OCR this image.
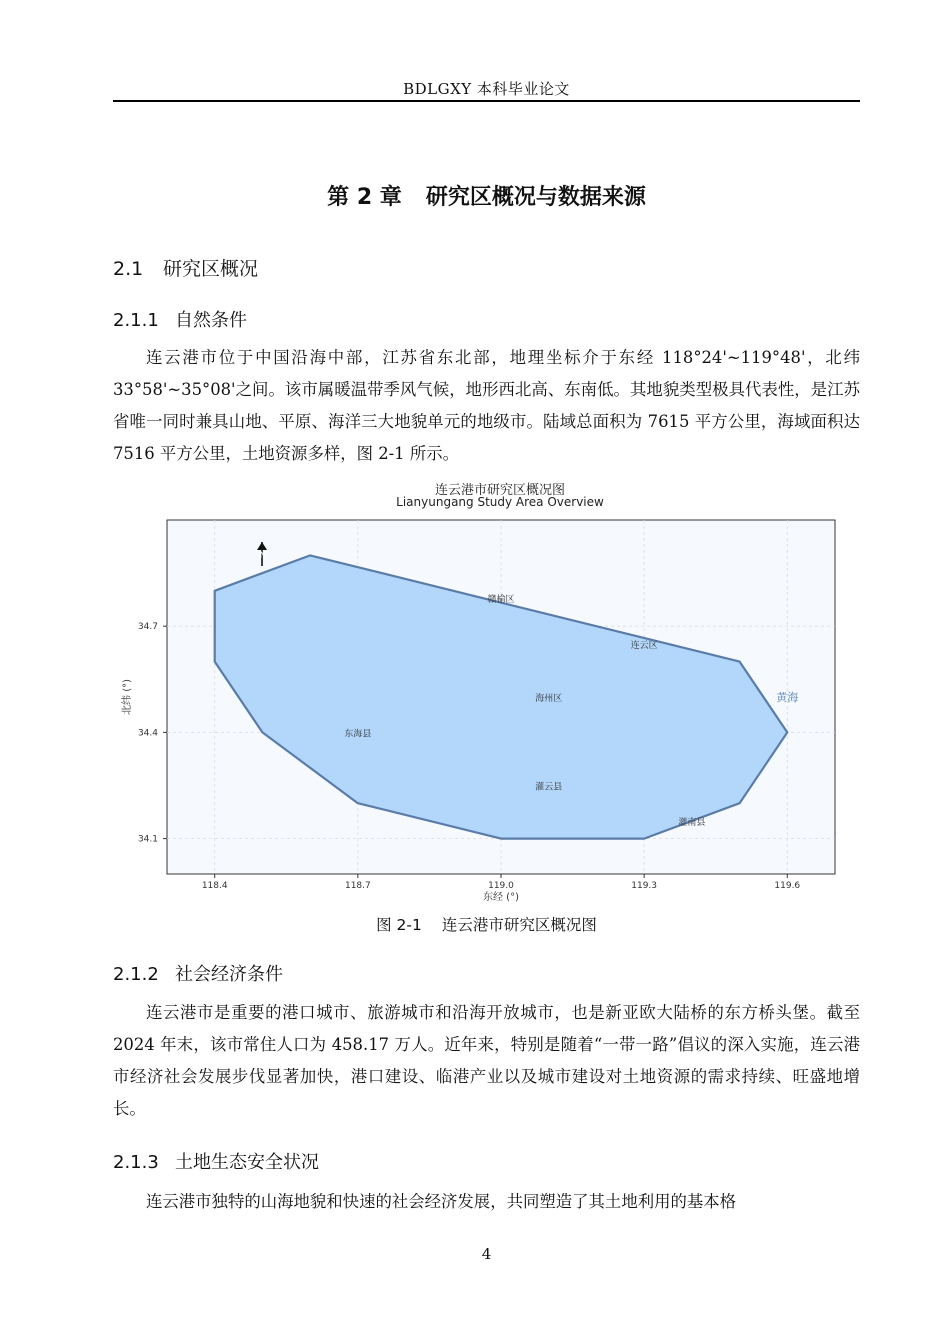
BDLGXY 本科毕业论文
第 2 章 研究区概况与数据来源
2.1 研究区概况
2.1.1 自然条件

连云港市位于中国沿海中部，江苏省东北部，地理坐标介于东经 118°24'~119°48'，北纬 33°58'~35°08'之间。该市属暖温带季风气候，地形西北高、东南低。其地貌类型极具代表性，是江苏省唯一同时兼具山地、平原、海洋三大地貌单元的地级市。陆域总面积为 7615 平方公里，海域面积达 7516 平方公里，土地资源多样，图 2-1 所示。

连云港市研究区概况图
Lianyungang Study Area Overview
赣榆区
连云区
海州区
东海县
灌云县
灌南县
黄海
118.4	118.7	119.0	119.3	119.6
34.1
34.4
34.7
东经 (°)
北纬 (°)
N
图 2-1 连云港市研究区概况图
2.1.2 社会经济条件

连云港市是重要的港口城市、旅游城市和沿海开放城市，也是新亚欧大陆桥的东方桥头堡。截至 2024 年末，该市常住人口为 458.17 万人。近年来，特别是随着“一带一路”倡议的深入实施，连云港市经济社会发展步伐显著加快，港口建设、临港产业以及城市建设对土地资源的需求持续、旺盛地增长。

2.1.3 土地生态安全状况

连云港市独特的山海地貌和快速的社会经济发展，共同塑造了其土地利用的基本格

4
